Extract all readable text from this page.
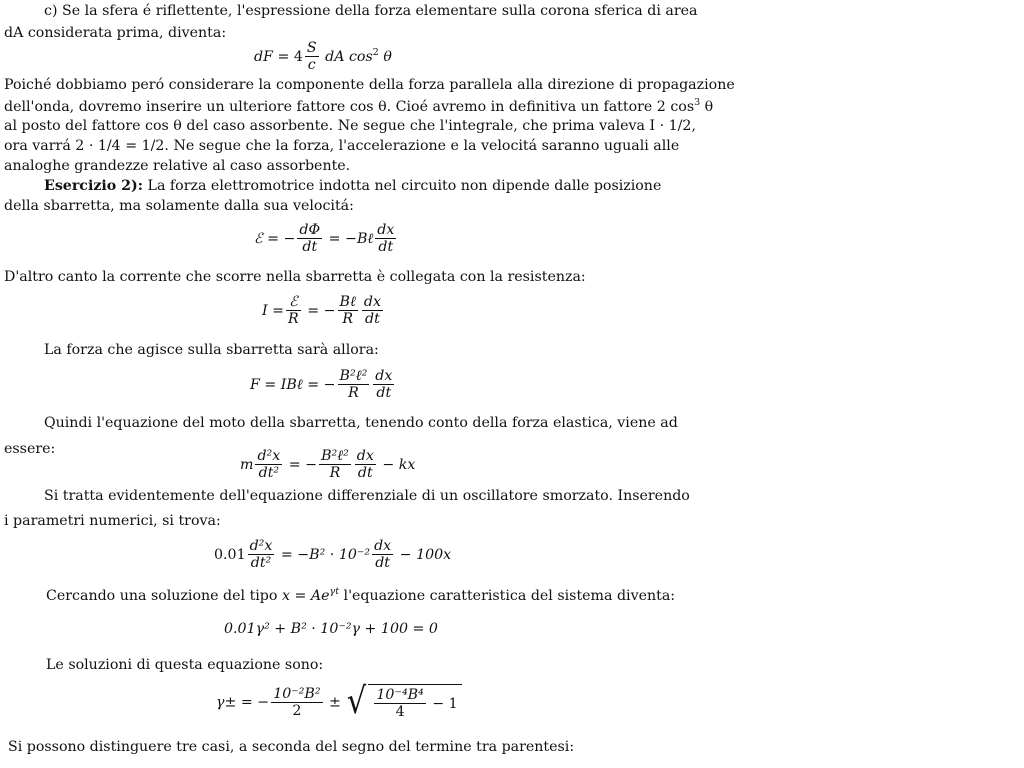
c) Se la sfera é riflettente, l'espressione della forza elementare sulla corona sferica di area
dA considerata prima, diventa:
dF = $4 \frac{S}{c}$ dA $\cos^2 \theta$
Poiché dobbiamo peró considerare la componente della forza parallela alla direzione di propagazione
dell'onda, dovremo inserire un ulteriore fattore cos θ. Cioé avremo in definitiva un fattore 2 $\cos^3 \theta$
al posto del fattore cos θ del caso assorbente. Ne segue che l'integrale, che prima valeva I · 1/2,
ora varrá 2 · 1/4 = 1/2. Ne segue che la forza, l'accelerazione e la velocitá saranno uguali alle
analoghe grandezze relative al caso assorbente.
Esercizio 2): La forza elettromotrice indotta nel circuito non dipende dalle posizione
della sbarretta, ma solamente dalla sua velocitá:
ℰ = − $\frac{d\Phi}{dt}$ = −Bℓ $\frac{dx}{dt}$
D'altro canto la corrente che scorre nella sbarretta è collegata con la resistenza:
$I = \frac{\text{ℰ}}{R}$ = − $\frac{\text{Bℓ}}{R} \frac{dx}{dt}$
La forza che agisce sulla sbarretta sarà allora:
F = IBℓ = − $\frac{\text{B²ℓ²}}{R} \frac{dx}{dt}$
Quindi l'equazione del moto della sbarretta, tenendo conto della forza elastica, viene ad
essere:
m $\frac{\text{d²x}}{\text{dt²}}$ = − $\frac{\text{B²ℓ²}}{R} \frac{dx}{dt}$ − kx
Si tratta evidentemente dell'equazione differenziale di un oscillatore smorzato. Inserendo
i parametri numerici, si trova:
$0.01 \frac{\text{d²x}}{\text{dt²}} = -B^2 \cdot 10^{-2} \frac{dx}{dt} - 100x$
Cercando una soluzione del tipo $x = Ae^{\gamma t}$ l'equazione caratteristica del sistema diventa:
0.01γ² + B² · 10⁻²γ + 100 = 0
Le soluzioni di questa equazione sono:
γ± = − $\frac{\text{10⁻²B²}}{2}$ ± √ $\frac{\text{10⁻⁴B⁴}}{4} - 1$
Si possono distinguere tre casi, a seconda del segno del termine tra parentesi:
